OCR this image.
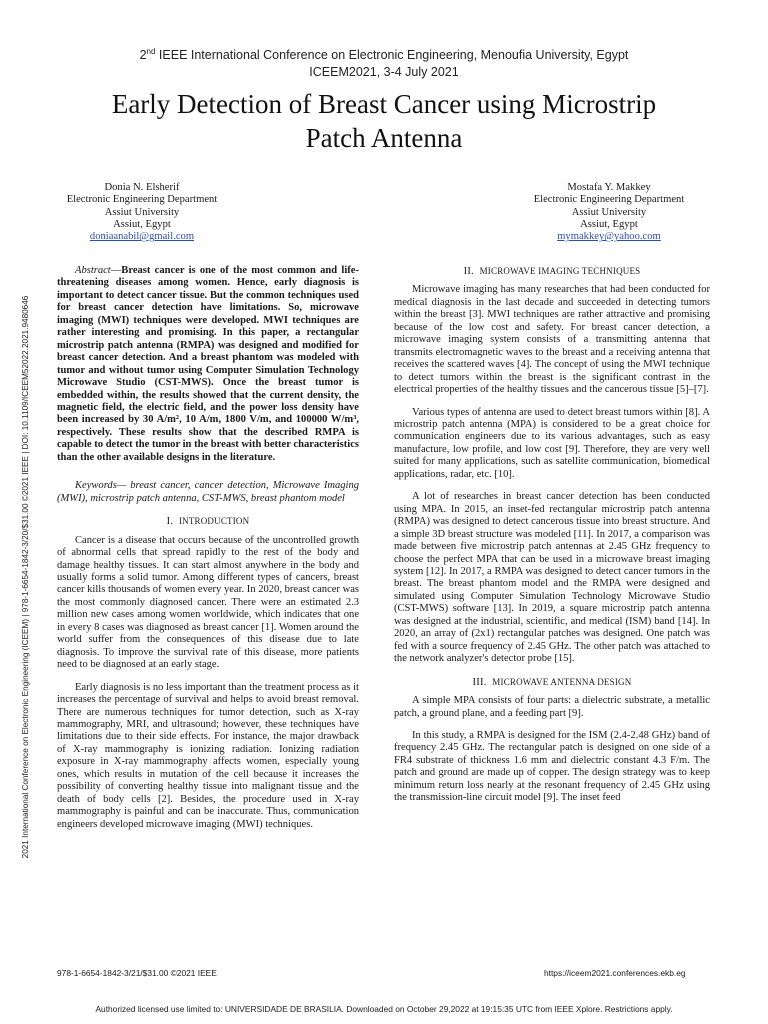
2nd IEEE International Conference on Electronic Engineering, Menoufia University, Egypt
ICEEM2021, 3-4 July 2021
Early Detection of Breast Cancer using Microstrip
Patch Antenna
2021 International Conference on Electronic Engineering (ICEEM) | 978-1-6654-1842-3/20/$31.00 ©2021 IEEE | DOI: 10.1109/ICEEM52022.2021.9480646
Donia N. Elsherif
Electronic Engineering Department
Assiut University
Assiut, Egypt
doniaanabil@gmail.com
Mostafa Y. Makkey
Electronic Engineering Department
Assiut University
Assiut, Egypt
mymakkey@yahoo.com

Abstract—Breast cancer is one of the most common and life-threatening diseases among women. Hence, early diagnosis is important to detect cancer tissue. But the common techniques used for breast cancer detection have limitations. So, microwave imaging (MWI) techniques were developed. MWI techniques are rather interesting and promising. In this paper, a rectangular microstrip patch antenna (RMPA) was designed and modified for breast cancer detection. And a breast phantom was modeled with tumor and without tumor using Computer Simulation Technology Microwave Studio (CST-MWS). Once the breast tumor is embedded within, the results showed that the current density, the magnetic field, the electric field, and the power loss density have been increased by 30 A/m², 10 A/m, 1800 V/m, and 100000 W/m³, respectively. These results show that the described RMPA is capable to detect the tumor in the breast with better characteristics than the other available designs in the literature.

Keywords— breast cancer, cancer detection, Microwave Imaging (MWI), microstrip patch antenna, CST-MWS, breast phantom model

I. INTRODUCTION

Cancer is a disease that occurs because of the uncontrolled growth of abnormal cells that spread rapidly to the rest of the body and damage healthy tissues. It can start almost anywhere in the body and usually forms a solid tumor. Among different types of cancers, breast cancer kills thousands of women every year. In 2020, breast cancer was the most commonly diagnosed cancer. There were an estimated 2.3 million new cases among women worldwide, which indicates that one in every 8 cases was diagnosed as breast cancer [1]. Women around the world suffer from the consequences of this disease due to late diagnosis. To improve the survival rate of this disease, more patients need to be diagnosed at an early stage.

Early diagnosis is no less important than the treatment process as it increases the percentage of survival and helps to avoid breast removal. There are numerous techniques for tumor detection, such as X-ray mammography, MRI, and ultrasound; however, these techniques have limitations due to their side effects. For instance, the major drawback of X-ray mammography is ionizing radiation. Ionizing radiation exposure in X-ray mammography affects women, especially young ones, which results in mutation of the cell because it increases the possibility of converting healthy tissue into malignant tissue and the death of body cells [2]. Besides, the procedure used in X-ray mammography is painful and can be inaccurate. Thus, communication engineers developed microwave imaging (MWI) techniques.

II. MICROWAVE IMAGING TECHNIQUES

Microwave imaging has many researches that had been conducted for medical diagnosis in the last decade and succeeded in detecting tumors within the breast [3]. MWI techniques are rather attractive and promising because of the low cost and safety. For breast cancer detection, a microwave imaging system consists of a transmitting antenna that transmits electromagnetic waves to the breast and a receiving antenna that receives the scattered waves [4]. The concept of using the MWI technique to detect tumors within the breast is the significant contrast in the electrical properties of the healthy tissues and the cancerous tissue [5]–[7].

Various types of antenna are used to detect breast tumors within [8]. A microstrip patch antenna (MPA) is considered to be a great choice for communication engineers due to its various advantages, such as easy manufacture, low profile, and low cost [9]. Therefore, they are very well suited for many applications, such as satellite communication, biomedical applications, radar, etc. [10].

A lot of researches in breast cancer detection has been conducted using MPA. In 2015, an inset-fed rectangular microstrip patch antenna (RMPA) was designed to detect cancerous tissue into breast structure. And a simple 3D breast structure was modeled [11]. In 2017, a comparison was made between five microstrip patch antennas at 2.45 GHz frequency to choose the perfect MPA that can be used in a microwave breast imaging system [12]. In 2017, a RMPA was designed to detect cancer tumors in the breast. The breast phantom model and the RMPA were designed and simulated using Computer Simulation Technology Microwave Studio (CST-MWS) software [13]. In 2019, a square microstrip patch antenna was designed at the industrial, scientific, and medical (ISM) band [14]. In 2020, an array of (2x1) rectangular patches was designed. One patch was fed with a source frequency of 2.45 GHz. The other patch was attached to the network analyzer's detector probe [15].

III. MICROWAVE ANTENNA DESIGN

A simple MPA consists of four parts: a dielectric substrate, a metallic patch, a ground plane, and a feeding part [9].

In this study, a RMPA is designed for the ISM (2.4-2.48 GHz) band of frequency 2.45 GHz. The rectangular patch is designed on one side of a FR4 substrate of thickness 1.6 mm and dielectric constant 4.3 F/m. The patch and ground are made up of copper. The design strategy was to keep minimum return loss nearly at the resonant frequency of 2.45 GHz using the transmission-line circuit model [9]. The inset feed

978-1-6654-1842-3/21/$31.00 ©2021 IEEE	https://iceem2021.conferences.ekb.eg
Authorized licensed use limited to: UNIVERSIDADE DE BRASILIA. Downloaded on October 29,2022 at 19:15:35 UTC from IEEE Xplore. Restrictions apply.
